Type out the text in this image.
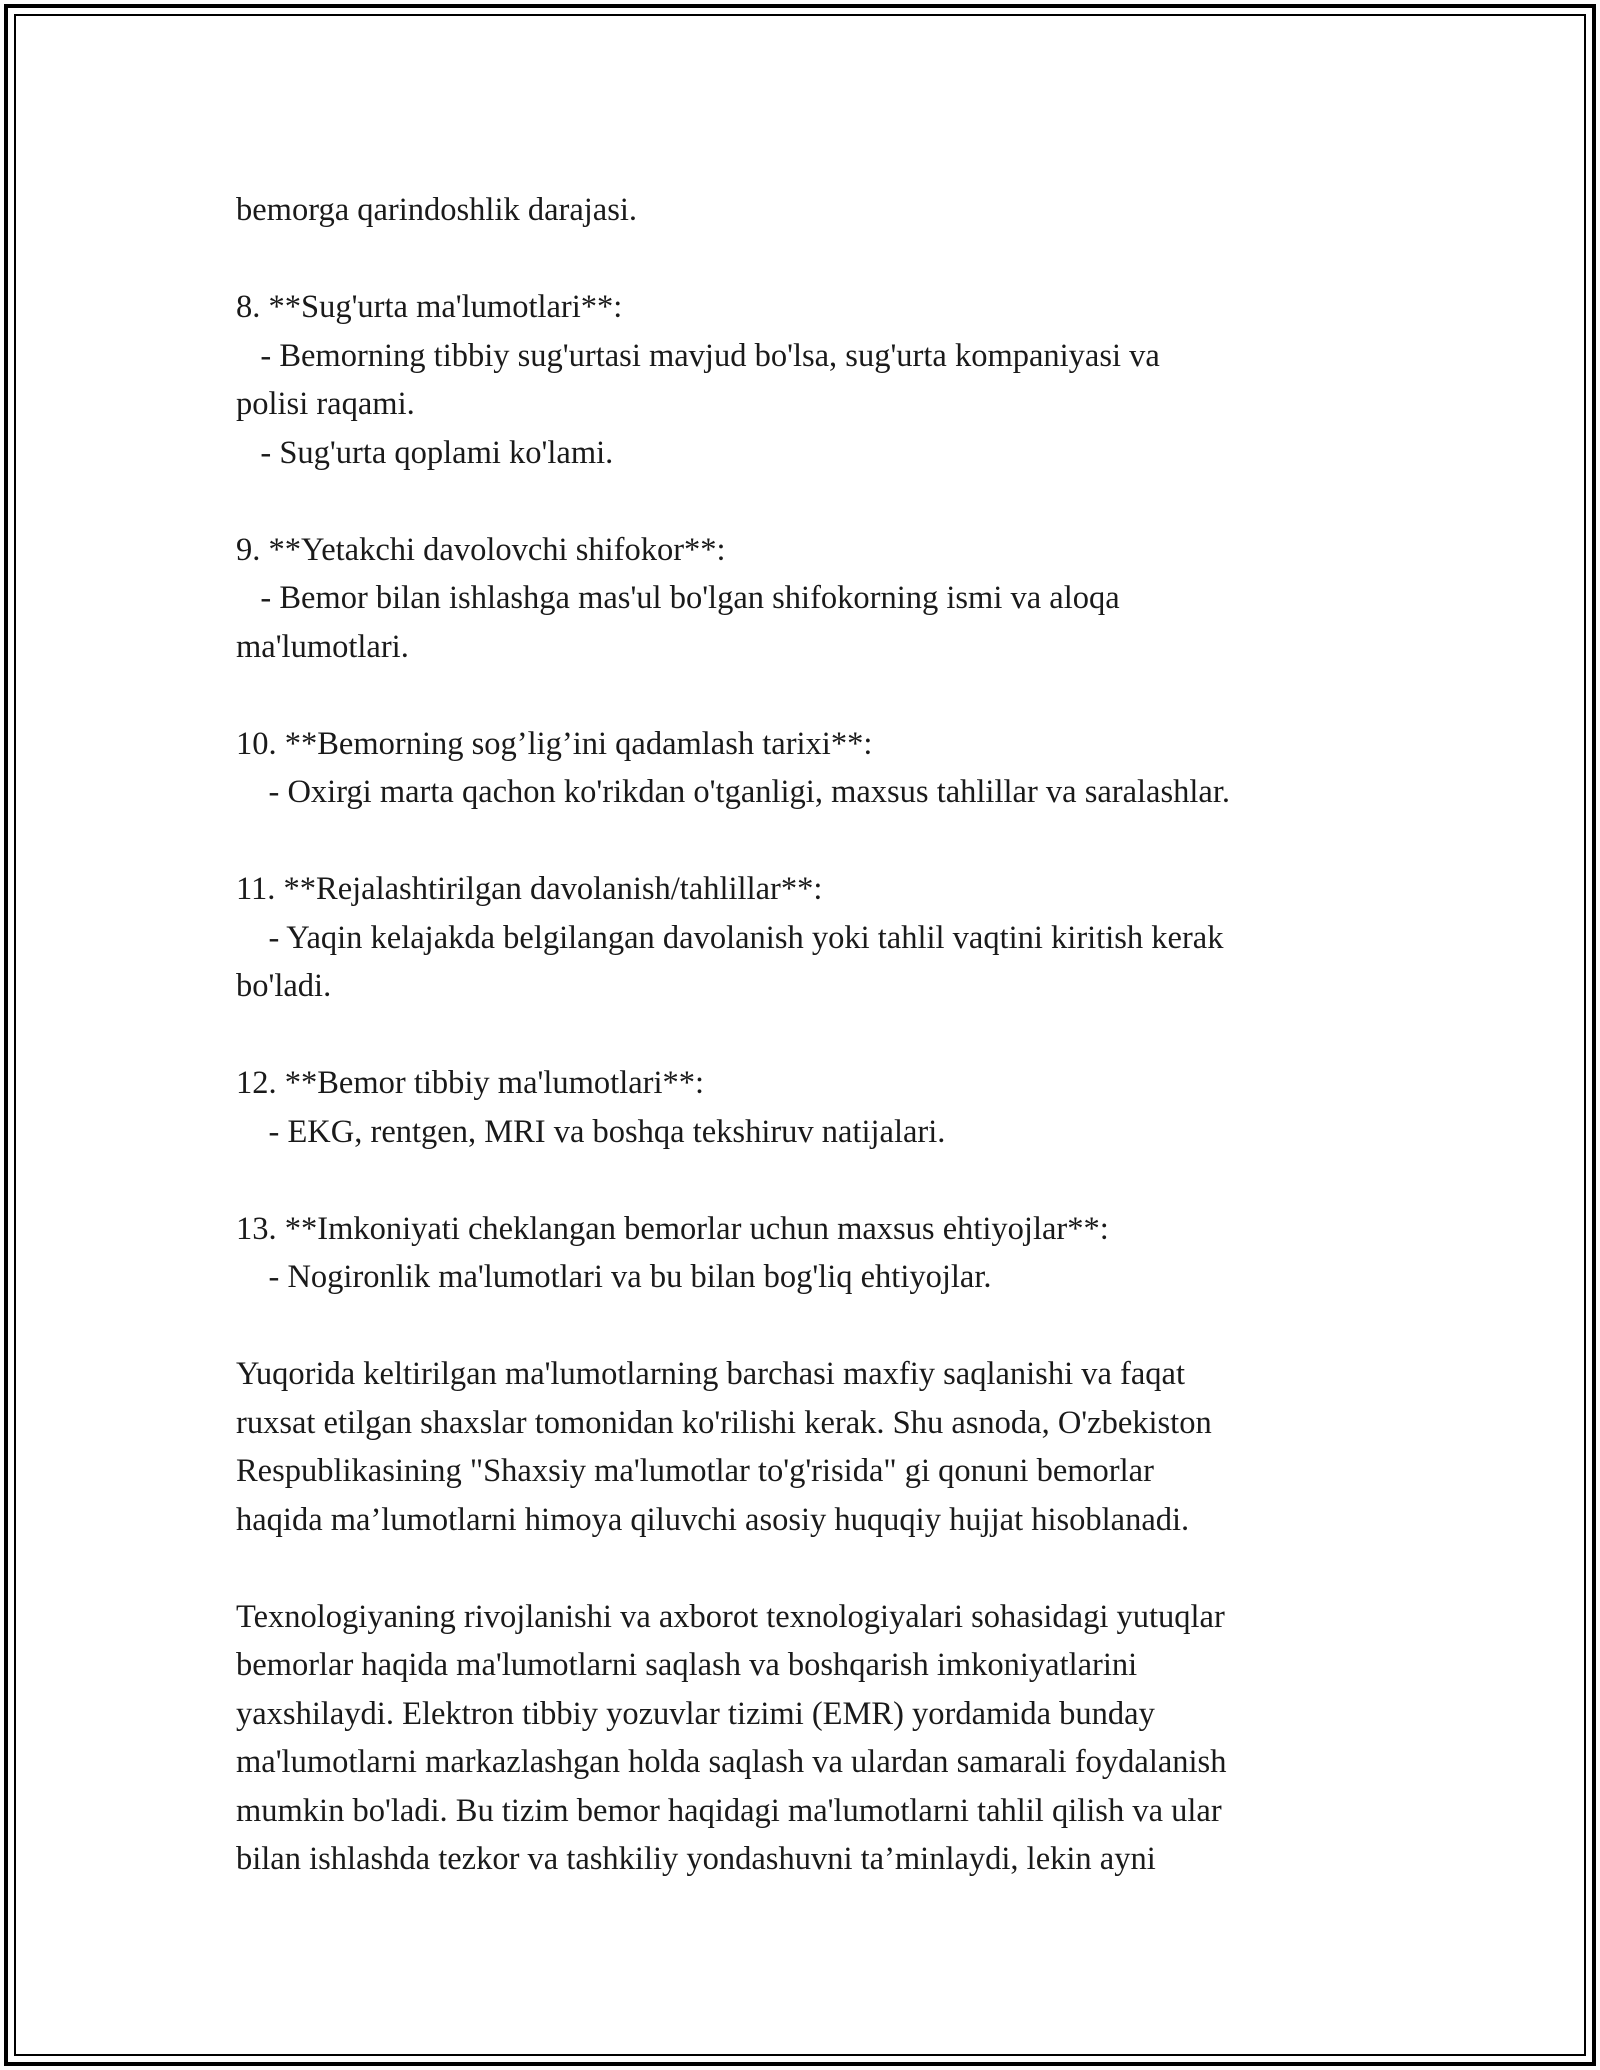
bemorga qarindoshlik darajasi.
8. **Sug'urta ma'lumotlari**:
- Bemorning tibbiy sug'urtasi mavjud bo'lsa, sug'urta kompaniyasi va
polisi raqami.
- Sug'urta qoplami ko'lami.
9. **Yetakchi davolovchi shifokor**:
- Bemor bilan ishlashga mas'ul bo'lgan shifokorning ismi va aloqa
ma'lumotlari.
10. **Bemorning sog’lig’ini qadamlash tarixi**:
- Oxirgi marta qachon ko'rikdan o'tganligi, maxsus tahlillar va saralashlar.
11. **Rejalashtirilgan davolanish/tahlillar**:
- Yaqin kelajakda belgilangan davolanish yoki tahlil vaqtini kiritish kerak
bo'ladi.
12. **Bemor tibbiy ma'lumotlari**:
- EKG, rentgen, MRI va boshqa tekshiruv natijalari.
13. **Imkoniyati cheklangan bemorlar uchun maxsus ehtiyojlar**:
- Nogironlik ma'lumotlari va bu bilan bog'liq ehtiyojlar.
Yuqorida keltirilgan ma'lumotlarning barchasi maxfiy saqlanishi va faqat
ruxsat etilgan shaxslar tomonidan ko'rilishi kerak. Shu asnoda, O'zbekiston
Respublikasining "Shaxsiy ma'lumotlar to'g'risida" gi qonuni bemorlar
haqida ma’lumotlarni himoya qiluvchi asosiy huquqiy hujjat hisoblanadi.
Texnologiyaning rivojlanishi va axborot texnologiyalari sohasidagi yutuqlar
bemorlar haqida ma'lumotlarni saqlash va boshqarish imkoniyatlarini
yaxshilaydi. Elektron tibbiy yozuvlar tizimi (EMR) yordamida bunday
ma'lumotlarni markazlashgan holda saqlash va ulardan samarali foydalanish
mumkin bo'ladi. Bu tizim bemor haqidagi ma'lumotlarni tahlil qilish va ular
bilan ishlashda tezkor va tashkiliy yondashuvni ta’minlaydi, lekin ayni
